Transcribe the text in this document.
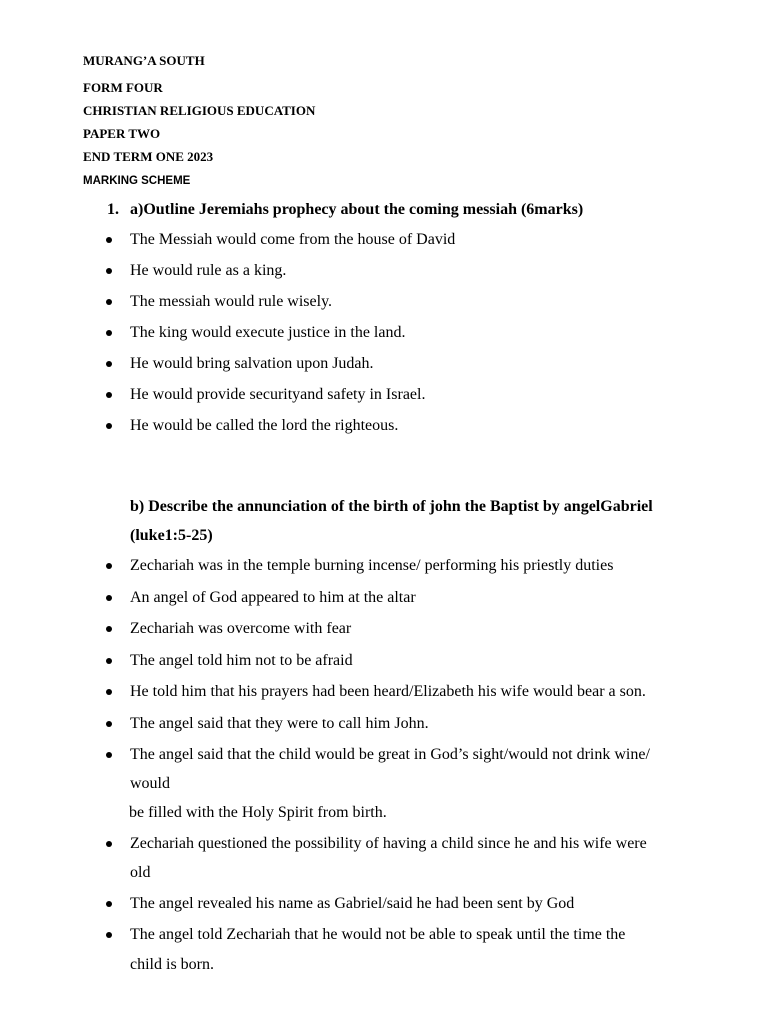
MURANG’A SOUTH
FORM FOUR
CHRISTIAN RELIGIOUS EDUCATION
PAPER TWO
END TERM ONE 2023
MARKING SCHEME
1. a)Outline Jeremiahs prophecy about the coming messiah (6marks)
The Messiah would come from the house of David
He would rule as a king.
The messiah would rule wisely.
The king would execute justice in the land.
He would bring salvation upon Judah.
He would provide securityand safety in Israel.
He would be called the lord the righteous.
b) Describe the annunciation of the birth of john the Baptist by angelGabriel
(luke1:5-25)
Zechariah was in the temple burning incense/ performing his priestly duties
An angel of God appeared to him at the altar
Zechariah was overcome with fear
The angel told him not to be afraid
He told him that his prayers had been heard/Elizabeth his wife would bear a son.
The angel said that they were to call him John.
The angel said that the child would be great in God’s sight/would not drink wine/
would
be filled with the Holy Spirit from birth.
Zechariah questioned the possibility of having a child since he and his wife were
old
The angel revealed his name as Gabriel/said he had been sent by God
The angel told Zechariah that he would not be able to speak until the time the
child is born.
